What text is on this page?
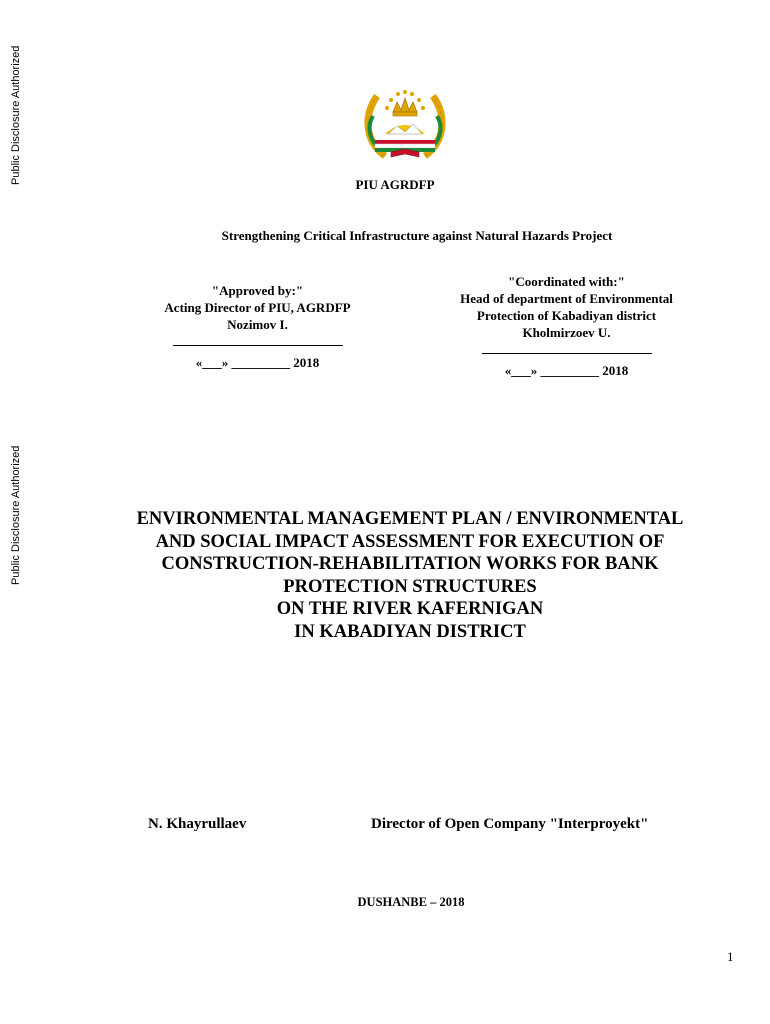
Public Disclosure Authorized
Public Disclosure Authorized
PIU AGRDFP
Strengthening Critical Infrastructure against Natural Hazards Project
"Approved by:"
Acting Director of PIU, AGRDFP
Nozimov I.
«___» _________ 2018
"Coordinated with:"
Head of department of Environmental
Protection of Kabadiyan district
Kholmirzoev U.
«___» _________ 2018
ENVIRONMENTAL MANAGEMENT PLAN / ENVIRONMENTAL
AND SOCIAL IMPACT ASSESSMENT FOR EXECUTION OF
CONSTRUCTION-REHABILITATION WORKS FOR BANK
PROTECTION STRUCTURES
ON THE RIVER KAFERNIGAN
IN KABADIYAN DISTRICT
N. Khayrullaev	Director of Open Company "Interproyekt"
DUSHANBE – 2018
1
